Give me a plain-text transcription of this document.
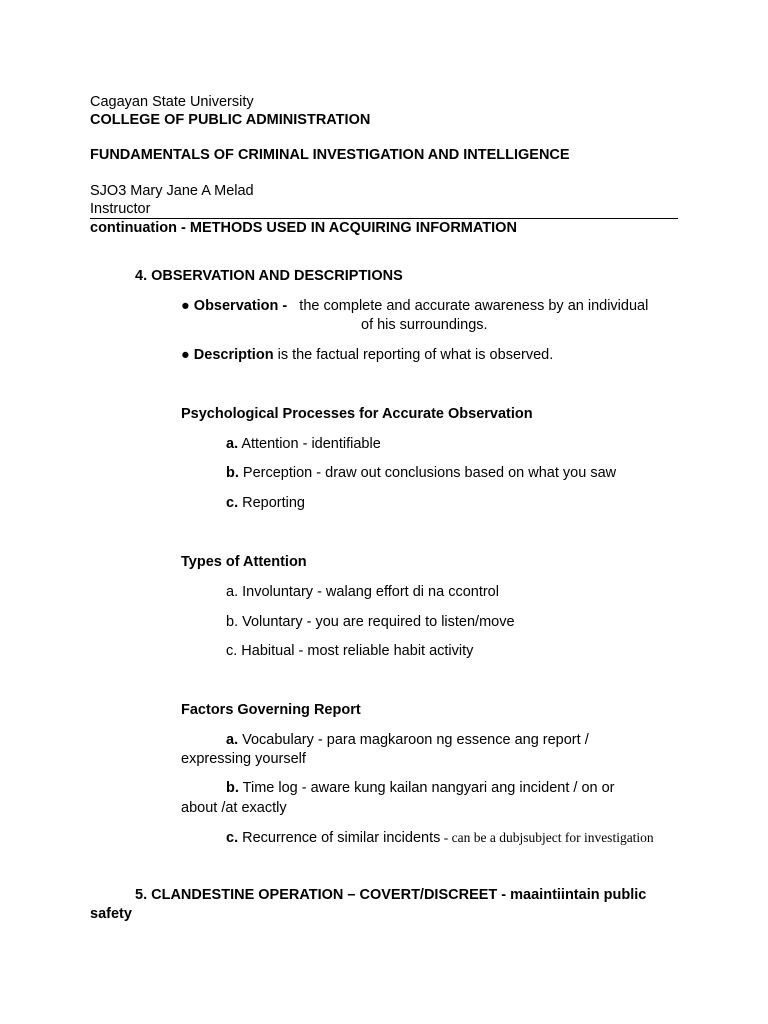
Cagayan State University
COLLEGE OF PUBLIC ADMINISTRATION
FUNDAMENTALS OF CRIMINAL INVESTIGATION AND INTELLIGENCE
SJO3 Mary Jane A Melad
Instructor
continuation - METHODS USED IN ACQUIRING INFORMATION
4. OBSERVATION AND DESCRIPTIONS
● Observation - the complete and accurate awareness by an individual
of his surroundings.
● Description is the factual reporting of what is observed.
Psychological Processes for Accurate Observation
a. Attention - identifiable
b. Perception - draw out conclusions based on what you saw
c. Reporting
Types of Attention
a. Involuntary - walang effort di na ccontrol
b. Voluntary - you are required to listen/move
c. Habitual - most reliable habit activity
Factors Governing Report
a. Vocabulary - para magkaroon ng essence ang report /
expressing yourself
b. Time log - aware kung kailan nangyari ang incident / on or
about /at exactly
c. Recurrence of similar incidents - can be a dubjsubject for investigation
5. CLANDESTINE OPERATION – COVERT/DISCREET - maaintiintain public
safety
